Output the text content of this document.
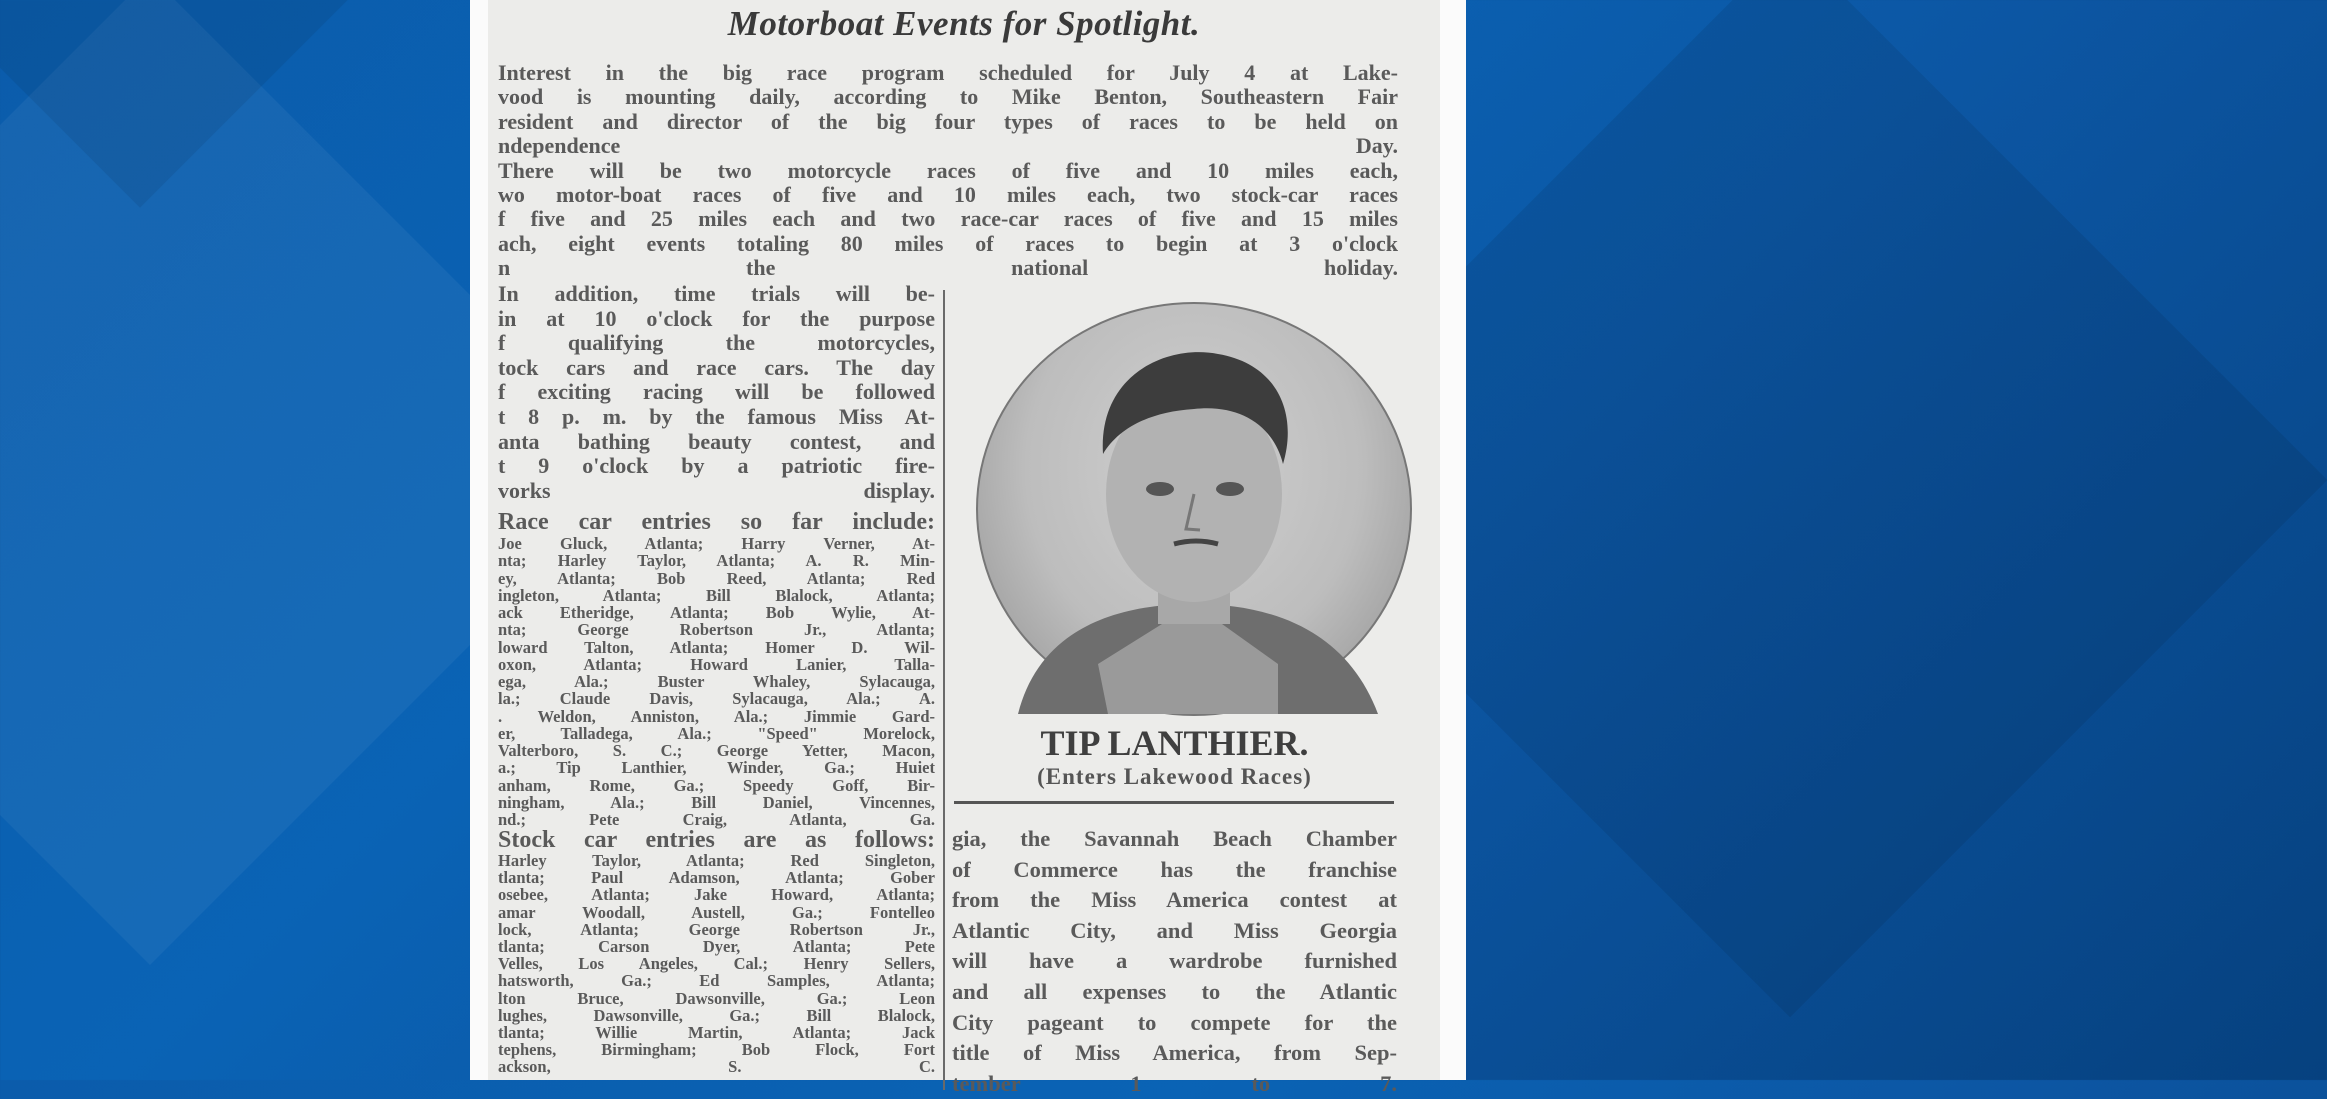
Motorboat Events for Spotlight.
Interest in the big race program scheduled for July 4 at Lake-
vood is mounting daily, according to Mike Benton, Southeastern Fair
resident and director of the big four types of races to be held on
ndependence Day.
There will be two motorcycle races of five and 10 miles each,
wo motor-boat races of five and 10 miles each, two stock-car races
f five and 25 miles each and two race-car races of five and 15 miles
ach, eight events totaling 80 miles of races to begin at 3 o'clock
n the national holiday.
In addition, time trials will be-
in at 10 o'clock for the purpose
f qualifying the motorcycles,
tock cars and race cars. The day
f exciting racing will be followed
t 8 p. m. by the famous Miss At-
anta bathing beauty contest, and
t 9 o'clock by a patriotic fire-
vorks display.
Race car entries so far include:
Joe Gluck, Atlanta; Harry Verner, At-
nta; Harley Taylor, Atlanta; A. R. Min-
ey, Atlanta; Bob Reed, Atlanta; Red
ingleton, Atlanta; Bill Blalock, Atlanta;
ack Etheridge, Atlanta; Bob Wylie, At-
nta; George Robertson Jr., Atlanta;
loward Talton, Atlanta; Homer D. Wil-
oxon, Atlanta; Howard Lanier, Talla-
ega, Ala.; Buster Whaley, Sylacauga,
la.; Claude Davis, Sylacauga, Ala.; A.
. Weldon, Anniston, Ala.; Jimmie Gard-
er, Talladega, Ala.; "Speed" Morelock,
Valterboro, S. C.; George Yetter, Macon,
a.; Tip Lanthier, Winder, Ga.; Huiet
anham, Rome, Ga.; Speedy Goff, Bir-
ningham, Ala.; Bill Daniel, Vincennes,
nd.; Pete Craig, Atlanta, Ga.
Stock car entries are as follows:
Harley Taylor, Atlanta; Red Singleton,
tlanta; Paul Adamson, Atlanta; Gober
osebee, Atlanta; Jake Howard, Atlanta;
amar Woodall, Austell, Ga.; Fontelleo
lock, Atlanta; George Robertson Jr.,
tlanta; Carson Dyer, Atlanta; Pete
Velles, Los Angeles, Cal.; Henry Sellers,
hatsworth, Ga.; Ed Samples, Atlanta;
lton Bruce, Dawsonville, Ga.; Leon
lughes, Dawsonville, Ga.; Bill Blalock,
tlanta; Willie Martin, Atlanta; Jack
tephens, Birmingham; Bob Flock, Fort
ackson, S. C.
TIP LANTHIER.
(Enters Lakewood Races)
gia, the Savannah Beach Chamber
of Commerce has the franchise
from the Miss America contest at
Atlantic City, and Miss Georgia
will have a wardrobe furnished
and all expenses to the Atlantic
City pageant to compete for the
title of Miss America, from Sep-
tember 1 to 7.
